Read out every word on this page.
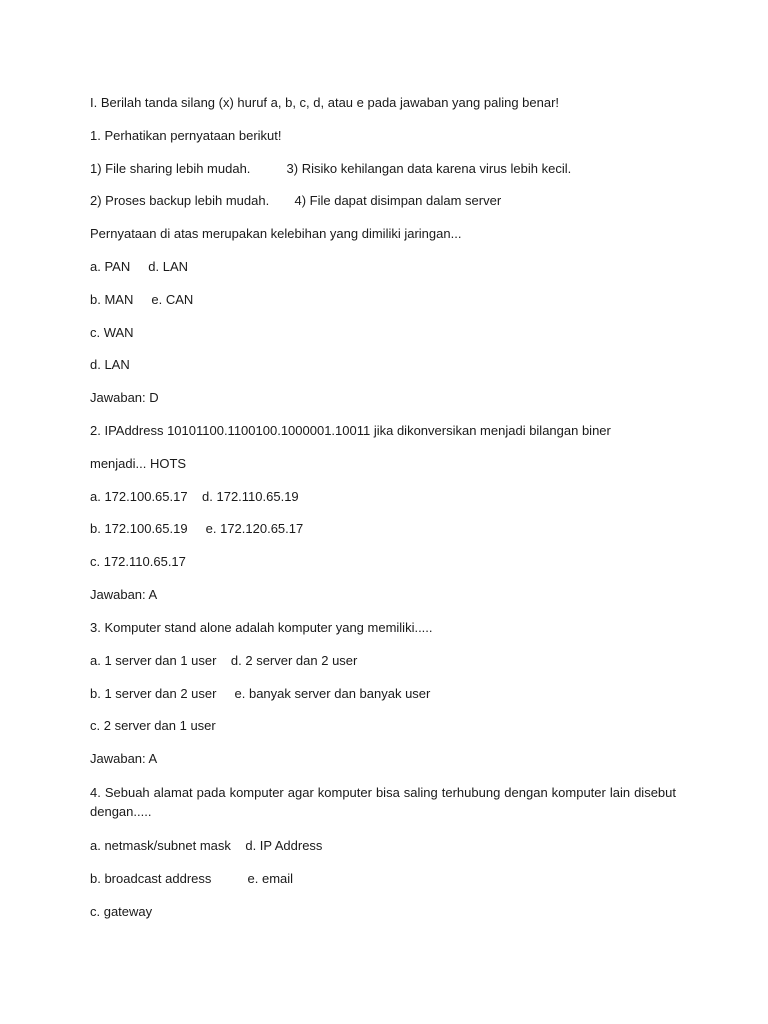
I. Berilah tanda silang (x) huruf a, b, c, d, atau e pada jawaban yang paling benar!

1. Perhatikan pernyataan berikut!

1) File sharing lebih mudah.          3) Risiko kehilangan data karena virus lebih kecil.

2) Proses backup lebih mudah.       4) File dapat disimpan dalam server

Pernyataan di atas merupakan kelebihan yang dimiliki jaringan...

a. PAN     d. LAN

b. MAN     e. CAN

c. WAN

d. LAN

Jawaban: D

2. IPAddress 10101100.1100100.1000001.10011 jika dikonversikan menjadi bilangan biner

menjadi... HOTS

a. 172.100.65.17    d. 172.110.65.19

b. 172.100.65.19     e. 172.120.65.17

c. 172.110.65.17

Jawaban: A

3. Komputer stand alone adalah komputer yang memiliki.....

a. 1 server dan 1 user    d. 2 server dan 2 user

b. 1 server dan 2 user     e. banyak server dan banyak user

c. 2 server dan 1 user

Jawaban: A

4. Sebuah alamat pada komputer agar komputer bisa saling terhubung dengan komputer lain disebut

dengan.....

a. netmask/subnet mask    d. IP Address

b. broadcast address          e. email

c. gateway
